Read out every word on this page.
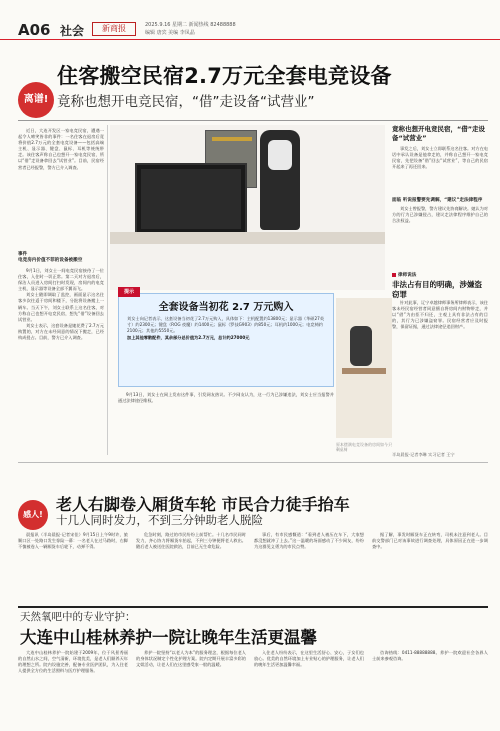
A06 社会	新商报	2025.9.16 星期二 新闻热线 82488888
编辑 唐宾 美编 李凤晶
离谱!
住客搬空民宿2.7万元全套电竞设备
竟称也想开电竞民宿，“借”走设备“试营业”

近日，大连开发区一家电竞民宿，遭遇一起令人啼笑皆非的事件：一名住客在退房后竟将价值2.7万元的全套电竞设备——包括高端主机、显示器、键盘、鼠标、耳机等统统带走。该住客声称自己也想开一家电竞民宿，所以“借”走设备拿回去“试营业”。目前，民宿经营者已经报警，警方已介入调查。

事件
电竞房内价值不菲的设备被搬空

9月1日，刘女士一间电竞民宿接待了一位住客，入住时一切正常。第二天对方退房后，保洁人员进入房间打扫时发现，房间内的电竞主机、显示器等设备全部不翼而飞。

刘女士随即调取了监控，画面显示这名住客多次往返于房间和楼下，分批将设备搬上一辆车。当天下午，刘女士联系上这名住客，对方称自己也想开电竞民宿，想先“借”设备回去试营业。

刘女士表示，这套设备是她花费了2.7万元购置的，对方在未经同意的情况下搬走，已经构成侵占。目前，警方已介入调查。

全套设备当初花 2.7 万元购入
刘女士向记者表示，这套设备当初花了2.7万元购入，具体如下：主机配置约13800元；显示器（华硕27英寸）约2300元；键盘（ROG 夜魔）约1400元；鼠标（罗技G903）约850元；耳机约1000元；电竞椅约2100元；其他约5550元。
加上其他零散配件，其余部分总价值为2.7万元，总计约27000元
提示

9月13日，刘女士在网上发布这件事，引发网友热议。不少网友认为，这一行为已涉嫌违法，刘女士应当报警并通过法律途径维权。

原本摆满电竞设备的房间如今只剩桌椅
竟称也想开电竞民宿，“借”走设备“试营业”

事发之后，刘女士立即联系这名住客。对方在电话中承认设备是他拿走的，并称自己想开一家电竞民宿，先把设备“借”回去“试营业”，等自己的民宿开起来了再还回来。

面临 听说报警要先调解，“建议”走法律程序

刘女士曾报警，警方建议先协商解决。她认为对方的行为已涉嫌侵占，建议走法律程序维护自己的合法权益。

律师说法
非法占有目的明确，涉嫌盗窃罪

针对此事，辽宁卓越律师事务所律师表示，该住客未经民宿经营者同意擅自将房间内财物带走，并以“借”为由拒不归还，主观上具有非法占有的目的，其行为已涉嫌盗窃罪。民宿经营者应及时报警，保留证据，通过法律途径追回财产。

半岛晨报·记者李琳 实习记者 王宁
感人!
老人右脚卷入厢货车轮 市民合力徒手抬车
十几人同时发力，不到三分钟助老人脱险

晨报讯（半岛晨报·记者宋佳）9月15日上午9时许，旅顺口区一处路口发生惊险一幕：一名老人在过马路时，右脚不慎被卷入一辆厢货车后轮下，动弹不得。

危急时刻，路过的市民纷纷上前帮忙。十几名市民同时发力，齐心协力将厢货车抬起，不到三分钟便将老人救出。随后老人被送往医院救治，目前已无生命危险。

事后，有市民感慨道：“看到老人被压在车下，大家想都没想就冲了上去。”这一温暖的场面感动了不少网友，纷纷为这群见义勇为的市民点赞。

据了解，事发时厢货车正在转弯，司机未注意到老人。目前交警部门已对该事故进行调查处理，具体原因正在进一步调查中。

天然氧吧中的专业守护：
大连中山桂林养护一院让晚年生活更温馨

大连中山桂林养护一院始建于2009年，位于风景秀丽的自然山水之间，空气清新，环境优美，是老人们颐养天年的理想之所。院内设施完善，配备专业医护团队，为入住老人提供全方位的生活照料与医疗护理服务。

养护一院坚持“以老人为本”的服务理念，根据每位老人的身体状况制定个性化护理方案。院内定期开展丰富多彩的文娱活动，让老人们在这里感受家一般的温暖。

入住老人纷纷表示，在这里生活舒心、安心，子女们也放心。优美的自然环境加上专业贴心的护理服务，让老人们的晚年生活更加温馨幸福。

咨询热线：0411-88888888。养护一院欢迎社会各界人士前来参观咨询。
